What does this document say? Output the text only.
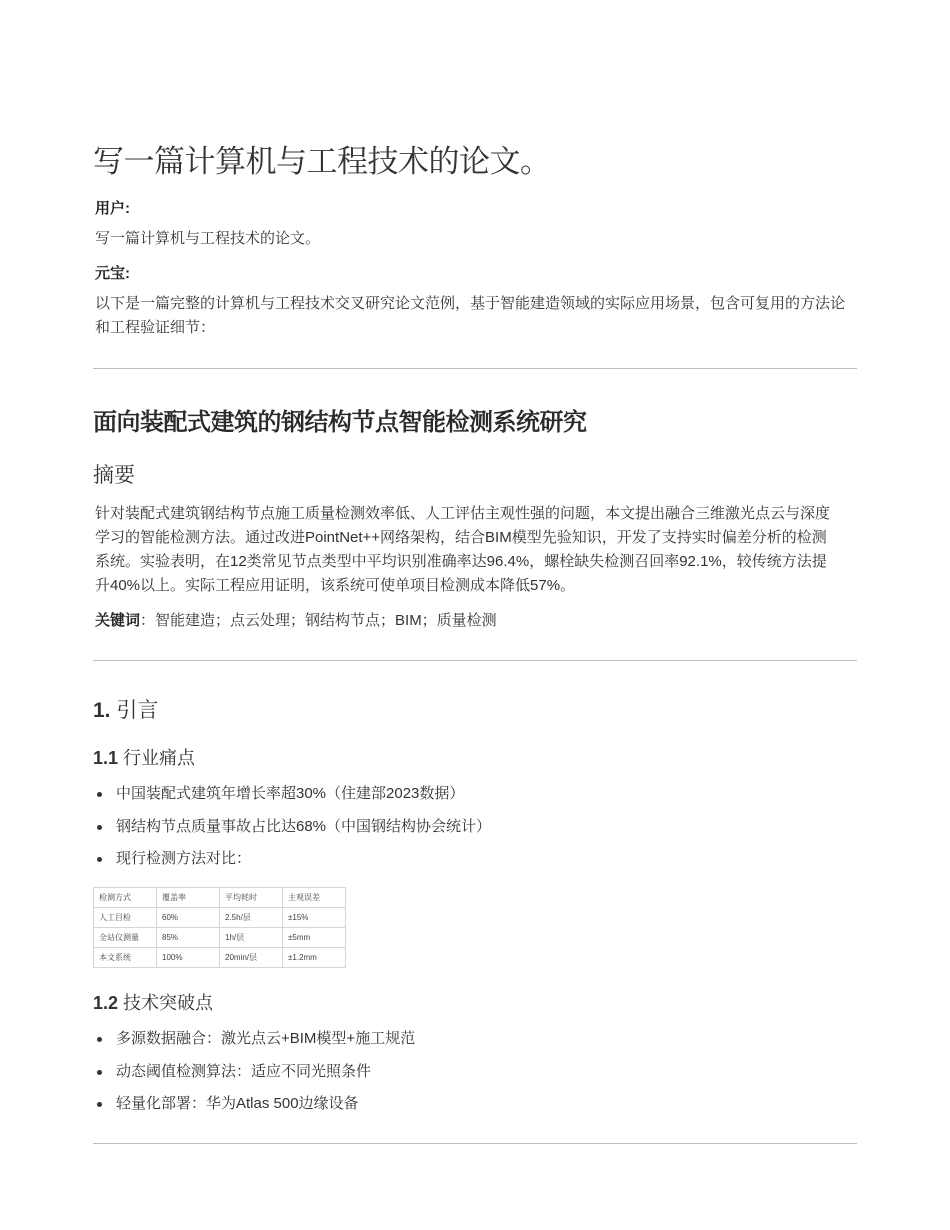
写一篇计算机与工程技术的论文。

用户:

写一篇计算机与工程技术的论文。

元宝:

以下是一篇完整的计算机与工程技术交叉研究论文范例，基于智能建造领域的实际应用场景，包含可复用的方法论和工程验证细节：

面向装配式建筑的钢结构节点智能检测系统研究
摘要
针对装配式建筑钢结构节点施工质量检测效率低、人工评估主观性强的问题，本文提出融合三维激光点云与深度
学习的智能检测方法。通过改进PointNet++网络架构，结合BIM模型先验知识，开发了支持实时偏差分析的检测
系统。实验表明，在12类常见节点类型中平均识别准确率达96.4%，螺栓缺失检测召回率92.1%，较传统方法提
升40%以上。实际工程应用证明，该系统可使单项目检测成本降低57%。

关键词：智能建造；点云处理；钢结构节点；BIM；质量检测

1. 引言
1.1 行业痛点
中国装配式建筑年增长率超30%（住建部2023数据）
钢结构节点质量事故占比达68%（中国钢结构协会统计）
现行检测方法对比：
检测方式	覆盖率	平均耗时	主观误差
人工目检	60%	2.5h/层	±15%
全站仪测量	85%	1h/层	±5mm
本文系统	100%	20min/层	±1.2mm
1.2 技术突破点
多源数据融合：激光点云+BIM模型+施工规范
动态阈值检测算法：适应不同光照条件
轻量化部署：华为Atlas 500边缘设备
